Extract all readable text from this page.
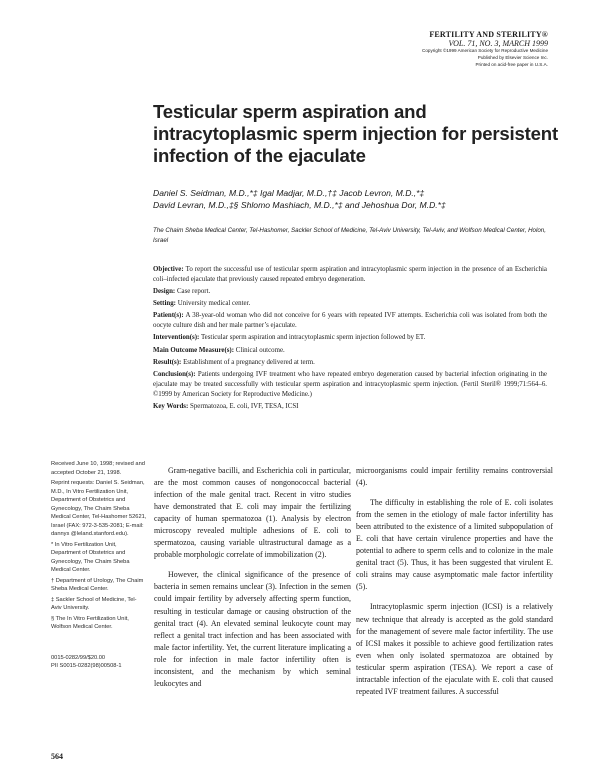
FERTILITY AND STERILITY®
VOL. 71, NO. 3, MARCH 1999
Copyright ©1999 American Society for Reproductive Medicine
Published by Elsevier Science Inc.
Printed on acid-free paper in U.S.A.
Testicular sperm aspiration and intracytoplasmic sperm injection for persistent infection of the ejaculate
Daniel S. Seidman, M.D.,*‡ Igal Madjar, M.D.,†‡ Jacob Levron, M.D.,*‡
David Levran, M.D.,‡§ Shlomo Mashiach, M.D.,*‡ and Jehoshua Dor, M.D.*‡
The Chaim Sheba Medical Center, Tel-Hashomer, Sackler School of Medicine, Tel-Aviv University, Tel-Aviv, and Wolfson Medical Center, Holon, Israel
Objective: To report the successful use of testicular sperm aspiration and intracytoplasmic sperm injection in the presence of an Escherichia coli–infected ejaculate that previously caused repeated embryo degeneration.
Design: Case report.
Setting: University medical center.
Patient(s): A 38-year-old woman who did not conceive for 6 years with repeated IVF attempts. Escherichia coli was isolated from both the oocyte culture dish and her male partner’s ejaculate.
Intervention(s): Testicular sperm aspiration and intracytoplasmic sperm injection followed by ET.
Main Outcome Measure(s): Clinical outcome.
Result(s): Establishment of a pregnancy delivered at term.
Conclusion(s): Patients undergoing IVF treatment who have repeated embryo degeneration caused by bacterial infection originating in the ejaculate may be treated successfully with testicular sperm aspiration and intracytoplasmic sperm injection. (Fertil Steril® 1999;71:564–6. ©1999 by American Society for Reproductive Medicine.)
Key Words: Spermatozoa, E. coli, IVF, TESA, ICSI
Received June 10, 1998; revised and accepted October 21, 1998.
Reprint requests: Daniel S. Seidman, M.D., In Vitro Fertilization Unit, Department of Obstetrics and Gynecology, The Chaim Sheba Medical Center, Tel-Hashomer 52621, Israel (FAX: 972-3-535-2081; E-mail: dannys @leland.stanford.edu).
* In Vitro Fertilization Unit, Department of Obstetrics and Gynecology, The Chaim Sheba Medical Center.
† Department of Urology, The Chaim Sheba Medical Center.
‡ Sackler School of Medicine, Tel-Aviv University.
§ The In Vitro Fertilization Unit, Wolfson Medical Center.
0015-0282/99/$20.00
PII S0015-0282(98)00508-1

Gram-negative bacilli, and Escherichia coli in particular, are the most common causes of nongonococcal bacterial infection of the male genital tract. Recent in vitro studies have demonstrated that E. coli may impair the fertilizing capacity of human spermatozoa (1). Analysis by electron microscopy revealed multiple adhesions of E. coli to spermatozoa, causing variable ultrastructural damage as a probable morphologic correlate of immobilization (2).

However, the clinical significance of the presence of bacteria in semen remains unclear (3). Infection in the semen could impair fertility by adversely affecting sperm function, resulting in testicular damage or causing obstruction of the genital tract (4). An elevated seminal leukocyte count may reflect a genital tract infection and has been associated with male factor infertility. Yet, the current literature implicating a role for infection in male factor infertility often is inconsistent, and the mechanism by which seminal leukocytes and

microorganisms could impair fertility remains controversial (4).

The difficulty in establishing the role of E. coli isolates from the semen in the etiology of male factor infertility has been attributed to the existence of a limited subpopulation of E. coli that have certain virulence properties and have the potential to adhere to sperm cells and to colonize in the male genital tract (5). Thus, it has been suggested that virulent E. coli strains may cause asymptomatic male factor infertility (5).

Intracytoplasmic sperm injection (ICSI) is a relatively new technique that already is accepted as the gold standard for the management of severe male factor infertility. The use of ICSI makes it possible to achieve good fertilization rates even when only isolated spermatozoa are obtained by testicular sperm aspiration (TESA). We report a case of intractable infection of the ejaculate with E. coli that caused repeated IVF treatment failures. A successful

564
